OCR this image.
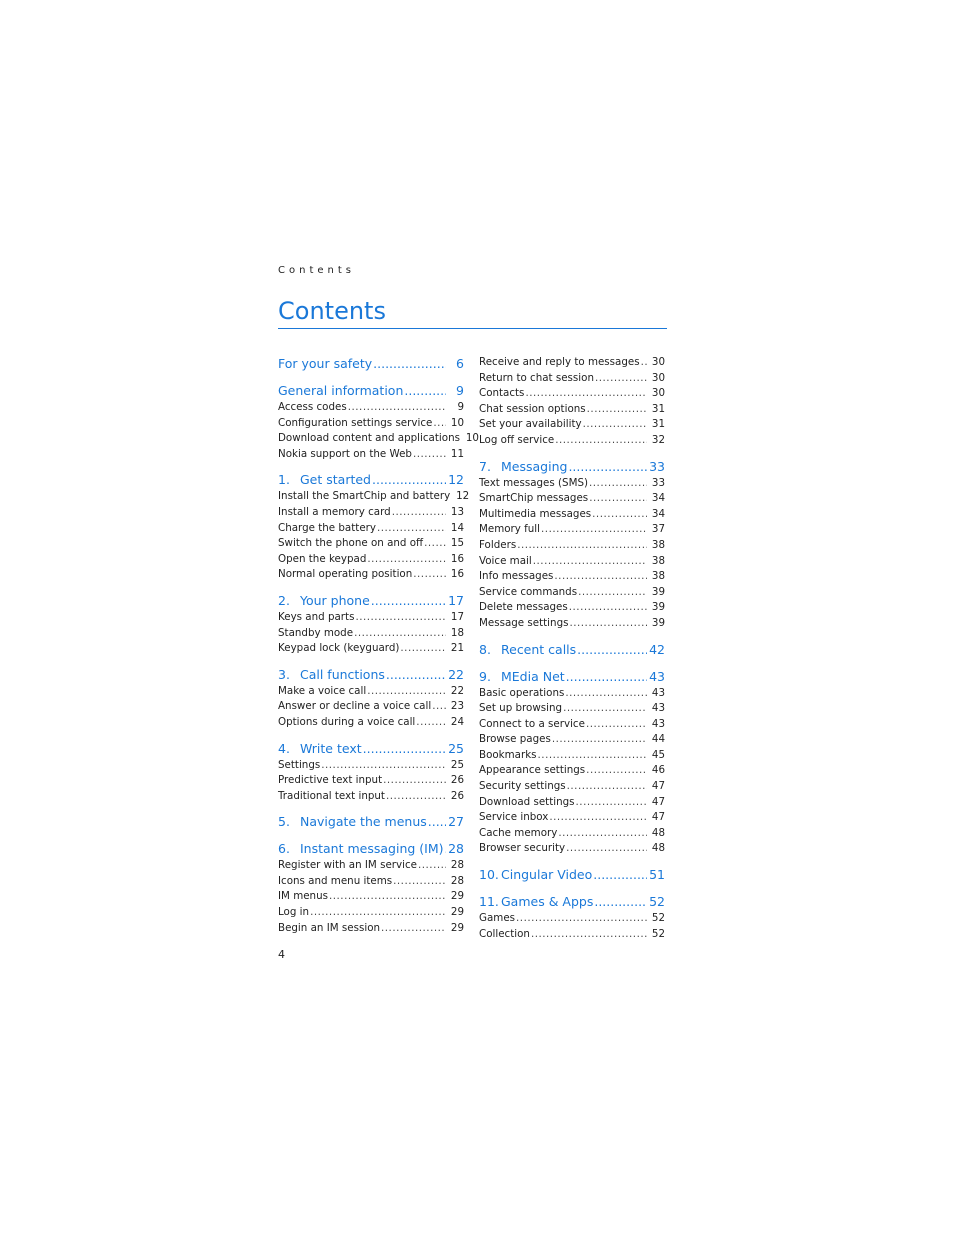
Contents
Contents
For your safety .....	6
General information .....	9
Access codes .....	9
Configuration settings service ..... 10
Download content and applications 10
Nokia support on the Web .....	11
1. Get started .....	12
Install the SmartChip and battery 12
Install a memory card .....	13
Charge the battery .....	14
Switch the phone on and off .....	15
Open the keypad .....	16
Normal operating position .....	16
2. Your phone .....	17
Keys and parts .....	17
Standby mode .....	18
Keypad lock (keyguard) .....	21
3. Call functions .....	22
Make a voice call .....	22
Answer or decline a voice call ..... 23
Options during a voice call .....	24
4. Write text .....	25
Settings .....	25
Predictive text input .....	26
Traditional text input .....	26
5. Navigate the menus ..... 27
6. Instant messaging (IM) ..... 28
Register with an IM service .....	28
Icons and menu items .....	28
IM menus .....	29
Log in .....	29
Begin an IM session .....	29
Receive and reply to messages ..... 30
Return to chat session .....	30
Contacts .....	30
Chat session options .....	31
Set your availability .....	31
Log off service .....	32
7. Messaging .....	33
Text messages (SMS) .....	33
SmartChip messages .....	34
Multimedia messages .....	34
Memory full .....	37
Folders .....	38
Voice mail .....	38
Info messages .....	38
Service commands .....	39
Delete messages .....	39
Message settings .....	39
8. Recent calls .....	42
9. MEdia Net .....	43
Basic operations .....	43
Set up browsing .....	43
Connect to a service .....	43
Browse pages .....	44
Bookmarks .....	45
Appearance settings .....	46
Security settings .....	47
Download settings .....	47
Service inbox .....	47
Cache memory .....	48
Browser security .....	48
10. Cingular Video .....	51
11. Games & Apps .....	52
Games .....	52
Collection .....	52
4
